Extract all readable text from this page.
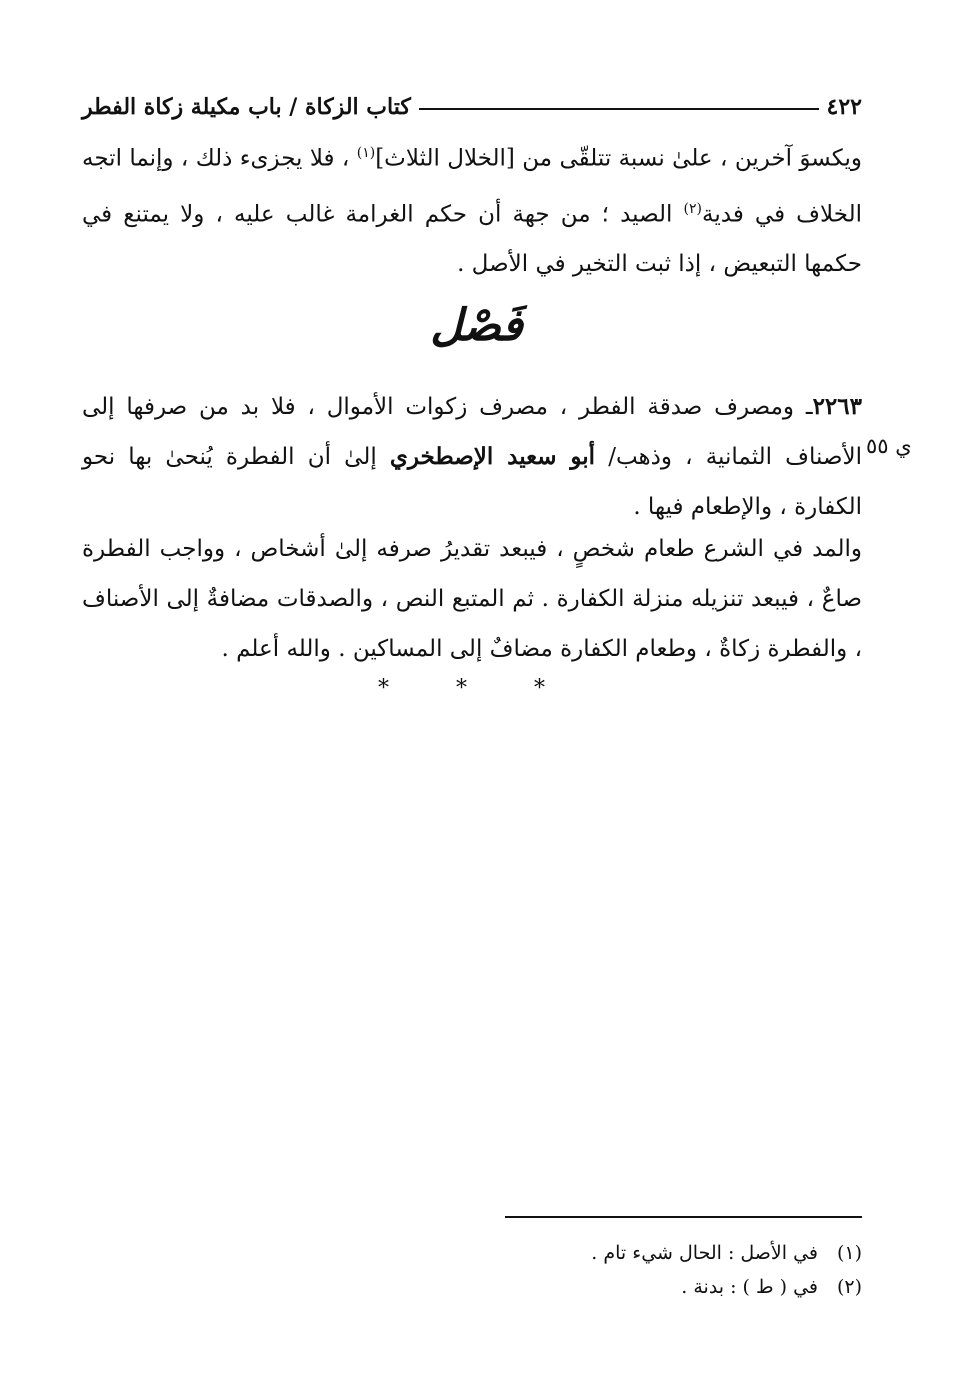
٤٢٢
كتاب الزكاة / باب مكيلة زكاة الفطر
ويكسوَ آخرين ، علىٰ نسبة تتلقّى من [الخلال الثلاث]$^{(١)}$ ، فلا يجزىء ذلك ، وإنما اتجه الخلاف في فدية$^{(٢)}$ الصيد ؛ من جهة أن حكم الغرامة غالب عليه ، ولا يمتنع في حكمها التبعيض ، إذا ثبت التخير في الأصل .
فَصْل
٢٢٦٣ـ ومصرف صدقة الفطر ، مصرف زكوات الأموال ، فلا بد من صرفها إلى الأصناف الثمانية ، وذهب/ أبو سعيد الإصطخري إلىٰ أن الفطرة يُنحىٰ بها نحو الكفارة ، والإطعام فيها .
ي ٥٥
والمد في الشرع طعام شخصٍ ، فيبعد تقديرُ صرفه إلىٰ أشخاص ، وواجب الفطرة صاعٌ ، فيبعد تنزيله منزلة الكفارة . ثم المتبع النص ، والصدقات مضافةٌ إلى الأصناف ، والفطرة زكاةٌ ، وطعام الكفارة مضافٌ إلى المساكين . والله أعلم .
* * *
(١)
في الأصل : الحال شيء تام .
(٢)
في ( ط ) : بدنة .
